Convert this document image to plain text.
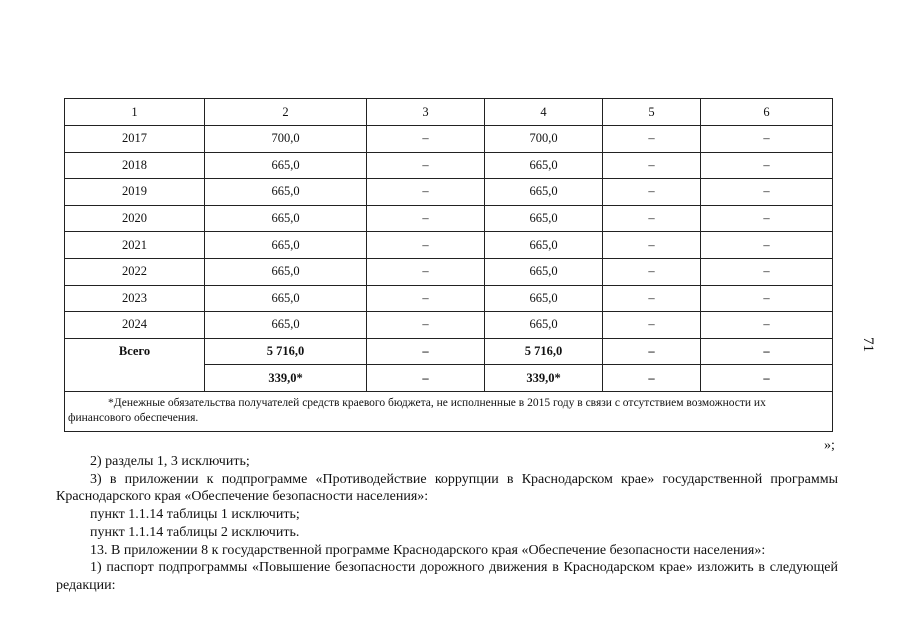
1	2	3	4	5	6
2017	700,0	–	700,0	–	–
2018	665,0	–	665,0	–	–
2019	665,0	–	665,0	–	–
2020	665,0	–	665,0	–	–
2021	665,0	–	665,0	–	–
2022	665,0	–	665,0	–	–
2023	665,0	–	665,0	–	–
2024	665,0	–	665,0	–	–
Всего	5 716,0	–	5 716,0	–	–
	339,0*	–	339,0*	–	–

*Денежные обязательства получателей средств краевого бюджета, не исполненные в 2015 году в связи с отсутствием возможности их финансового обеспечения.					
»;
71

2) разделы 1, 3 исключить;

3) в приложении к подпрограмме «Противодействие коррупции в Краснодарском крае» государственной программы Краснодарского края «Обеспечение безопасности населения»:

пункт 1.1.14 таблицы 1 исключить;

пункт 1.1.14 таблицы 2 исключить.

13. В приложении 8 к государственной программе Краснодарского края «Обеспечение безопасности населения»:

1) паспорт подпрограммы «Повышение безопасности дорожного движения в Краснодарском крае» изложить в следующей редакции:
